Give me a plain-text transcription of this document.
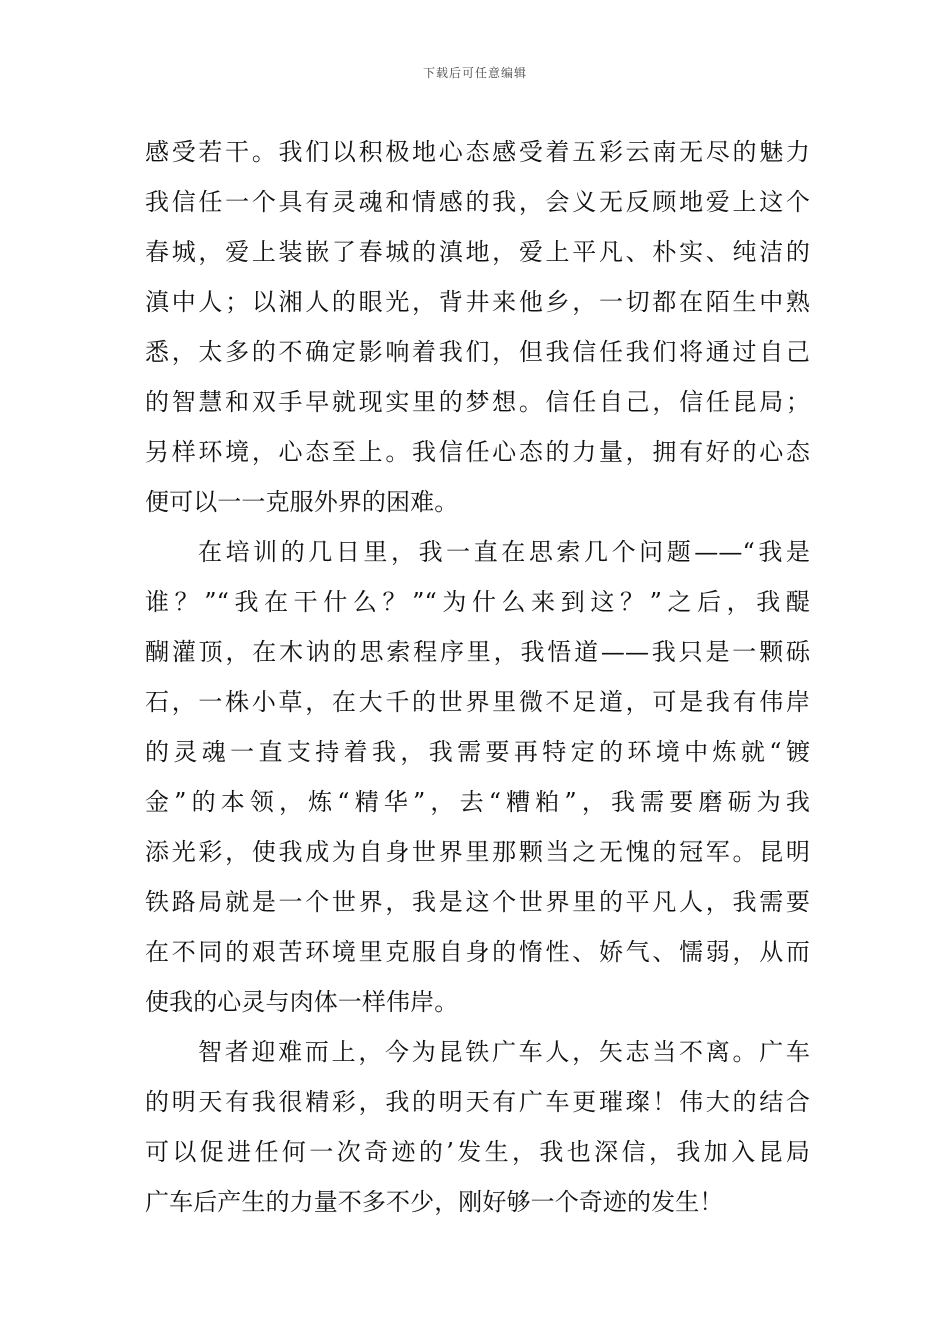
下载后可任意编辑
感受若干。我们以积极地心态感受着五彩云南无尽的魅力
我信任一个具有灵魂和情感的我，会义无反顾地爱上这个
春城，爱上装嵌了春城的滇地，爱上平凡、朴实、纯洁的
滇中人；以湘人的眼光，背井来他乡，一切都在陌生中熟
悉，太多的不确定影响着我们，但我信任我们将通过自己
的智慧和双手早就现实里的梦想。信任自己，信任昆局；
另样环境，心态至上。我信任心态的力量，拥有好的心态
便可以一一克服外界的困难。
在培训的几日里，我一直在思索几个问题——“我是
谁？”“我在干什么？”“为什么来到这？”之后，我醍
醐灌顶，在木讷的思索程序里，我悟道——我只是一颗砾
石，一株小草，在大千的世界里微不足道，可是我有伟岸
的灵魂一直支持着我，我需要再特定的环境中炼就“镀
金”的本领，炼“精华”，去“糟粕”，我需要磨砺为我
添光彩，使我成为自身世界里那颗当之无愧的冠军。昆明
铁路局就是一个世界，我是这个世界里的平凡人，我需要
在不同的艰苦环境里克服自身的惰性、娇气、懦弱，从而
使我的心灵与肉体一样伟岸。
智者迎难而上，今为昆铁广车人，矢志当不离。广车
的明天有我很精彩，我的明天有广车更璀璨！伟大的结合
可以促进任何一次奇迹的’发生，我也深信，我加入昆局
广车后产生的力量不多不少，刚好够一个奇迹的发生！
